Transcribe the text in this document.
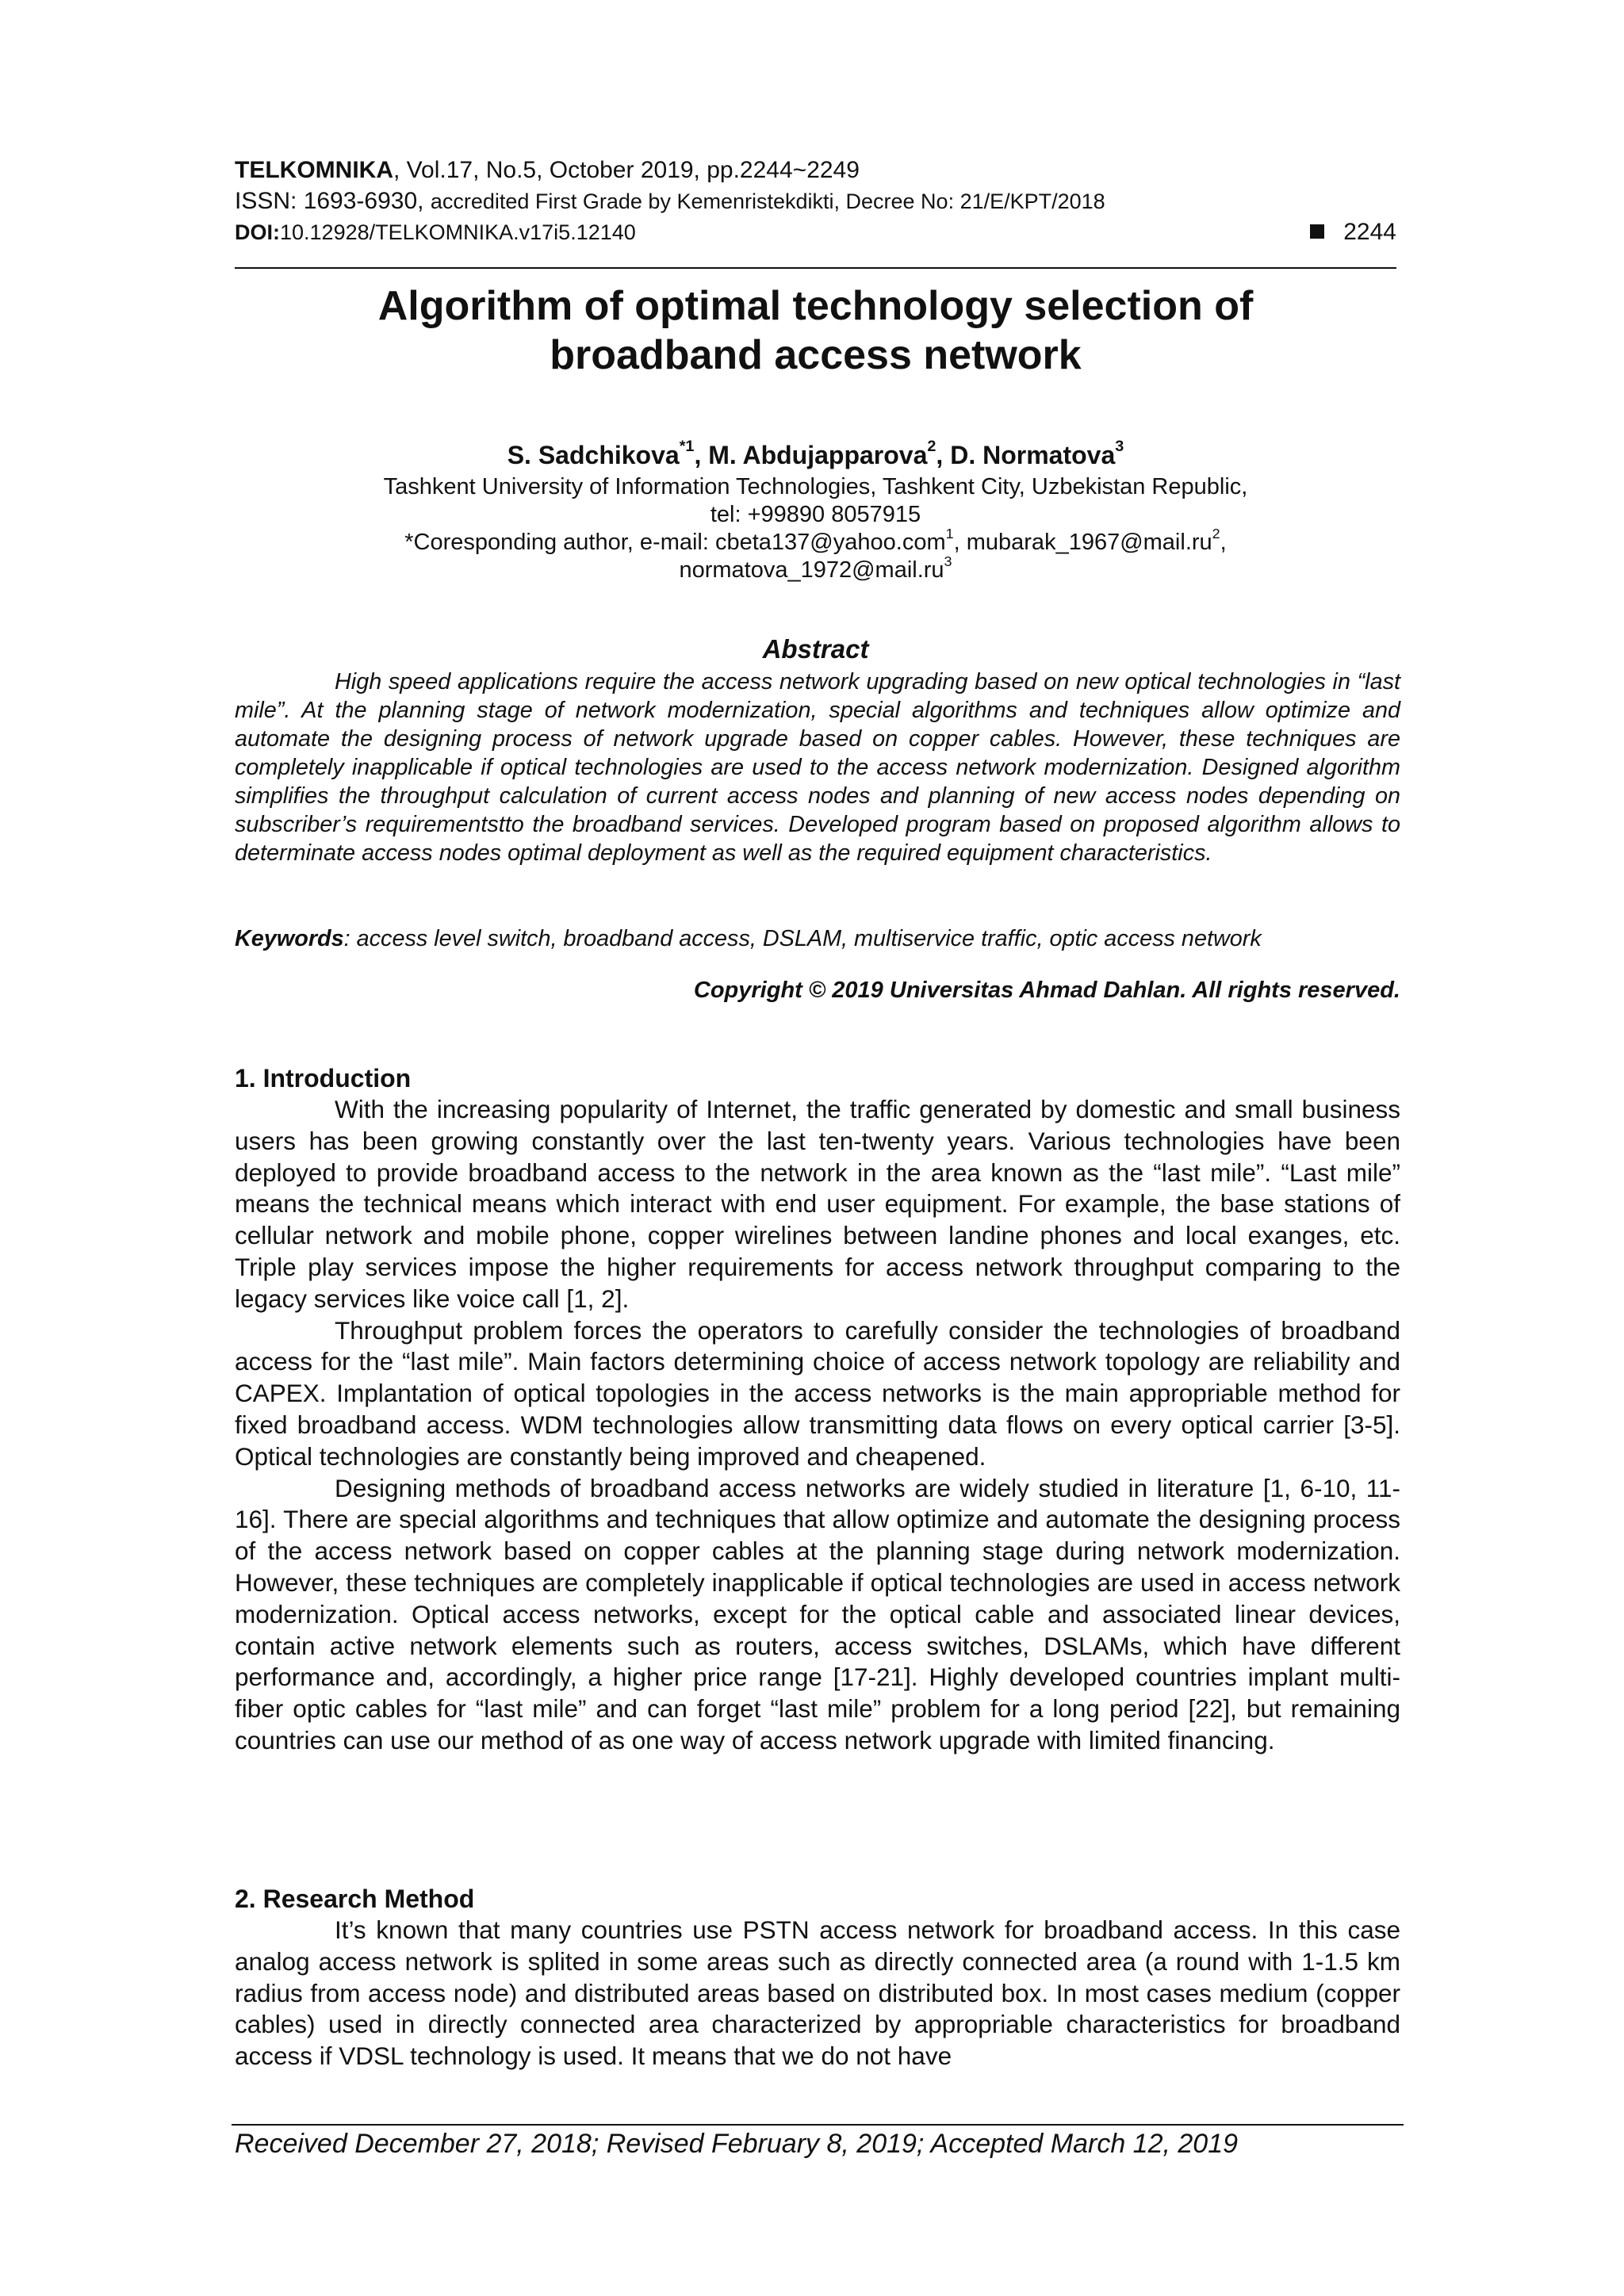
TELKOMNIKA, Vol.17, No.5, October 2019, pp.2244~2249
ISSN: 1693-6930, accredited First Grade by Kemenristekdikti, Decree No: 21/E/KPT/2018
DOI:10.12928/TELKOMNIKA.v17i5.12140	2244
Algorithm of optimal technology selection of
broadband access network
S. Sadchikova$^{*1}$, M. Abdujapparova$^2$, D. Normatova$^3$
Tashkent University of Information Technologies, Tashkent City, Uzbekistan Republic,
tel: +99890 8057915
*Coresponding author, e-mail: cbeta137@yahoo.com$^1$, $mubarak\_1967@mail.ru^2$,
$normatova\_1972@mail.ru^3$
Abstract
High speed applications require the access network upgrading based on new optical technologies in “last mile”. At the planning stage of network modernization, special algorithms and techniques allow optimize and automate the designing process of network upgrade based on copper cables. However, these techniques are completely inapplicable if optical technologies are used to the access network modernization. Designed algorithm simplifies the throughput calculation of current access nodes and planning of new access nodes depending on subscriber’s requirementstto the broadband services. Developed program based on proposed algorithm allows to determinate access nodes optimal deployment as well as the required equipment characteristics.
Keywords: access level switch, broadband access, DSLAM, multiservice traffic, optic access network
Copyright © 2019 Universitas Ahmad Dahlan. All rights reserved.
1. Introduction

With the increasing popularity of Internet, the traffic generated by domestic and small business users has been growing constantly over the last ten-twenty years. Various technologies have been deployed to provide broadband access to the network in the area known as the “last mile”. “Last mile” means the technical means which interact with end user equipment. For example, the base stations of cellular network and mobile phone, copper wirelines between landine phones and local exanges, etc. Triple play services impose the higher requirements for access network throughput comparing to the legacy services like voice call [1, 2].

Throughput problem forces the operators to carefully consider the technologies of broadband access for the “last mile”. Main factors determining choice of access network topology are reliability and CAPEX. Implantation of optical topologies in the access networks is the main appropriable method for fixed broadband access. WDM technologies allow transmitting data flows on every optical carrier [3-5]. Optical technologies are constantly being improved and cheapened.

Designing methods of broadband access networks are widely studied in literature [1, 6-10, 11-16]. There are special algorithms and techniques that allow optimize and automate the designing process of the access network based on copper cables at the planning stage during network modernization. However, these techniques are completely inapplicable if optical technologies are used in access network modernization. Optical access networks, except for the optical cable and associated linear devices, contain active network elements such as routers, access switches, DSLAMs, which have different performance and, accordingly, a higher price range [17-21]. Highly developed countries implant multi-fiber optic cables for “last mile” and can forget “last mile” problem for a long period [22], but remaining countries can use our method of as one way of access network upgrade with limited financing.

2. Research Method

It’s known that many countries use PSTN access network for broadband access. In this case analog access network is splited in some areas such as directly connected area (a round with 1-1.5 km radius from access node) and distributed areas based on distributed box. In most cases medium (copper cables) used in directly connected area characterized by appropriable characteristics for broadband access if VDSL technology is used. It means that we do not have

Received December 27, 2018; Revised February 8, 2019; Accepted March 12, 2019
